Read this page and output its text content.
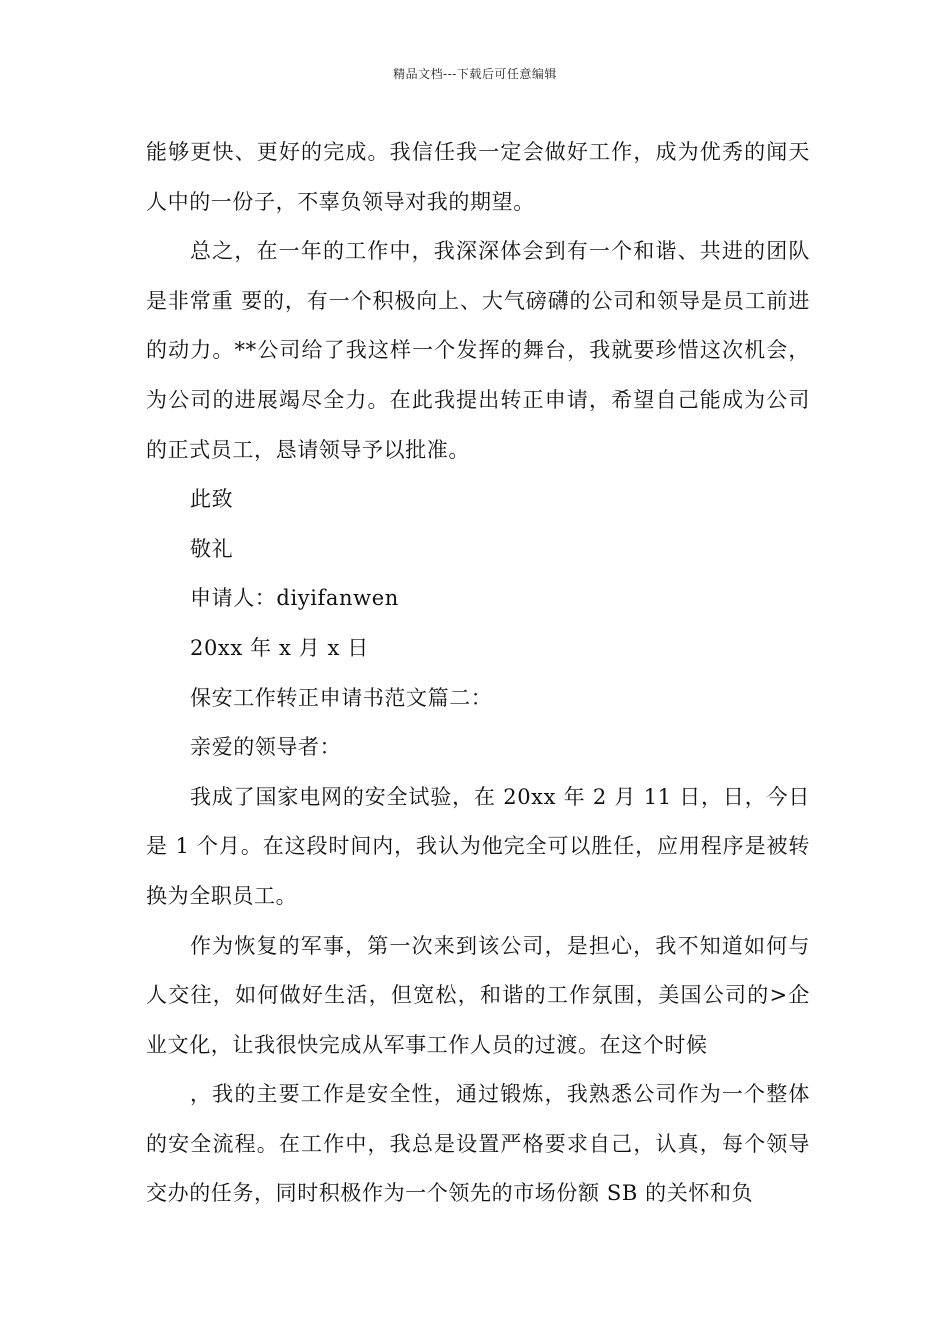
精品文档---下载后可任意编辑

能够更快、更好的完成。我信任我一定会做好工作，成为优秀的闻天人中的一份子，不辜负领导对我的期望。

总之，在一年的工作中，我深深体会到有一个和谐、共进的团队是非常重 要的，有一个积极向上、大气磅礴的公司和领导是员工前进的动力。**公司给了我这样一个发挥的舞台，我就要珍惜这次机会，为公司的进展竭尽全力。在此我提出转正申请，希望自己能成为公司的正式员工，恳请领导予以批准。

此致

敬礼

申请人：diyifanwen

20xx 年 x 月 x 日

保安工作转正申请书范文篇二：

亲爱的领导者：

我成了国家电网的安全试验，在 20xx 年 2 月 11 日，日，今日是 1 个月。在这段时间内，我认为他完全可以胜任，应用程序是被转换为全职员工。

作为恢复的军事，第一次来到该公司，是担心，我不知道如何与人交往，如何做好生活，但宽松，和谐的工作氛围，美国公司的>企业文化，让我很快完成从军事工作人员的过渡。在这个时候

，我的主要工作是安全性，通过锻炼，我熟悉公司作为一个整体的安全流程。在工作中，我总是设置严格要求自己，认真，每个领导交办的任务，同时积极作为一个领先的市场份额 SB 的关怀和负
